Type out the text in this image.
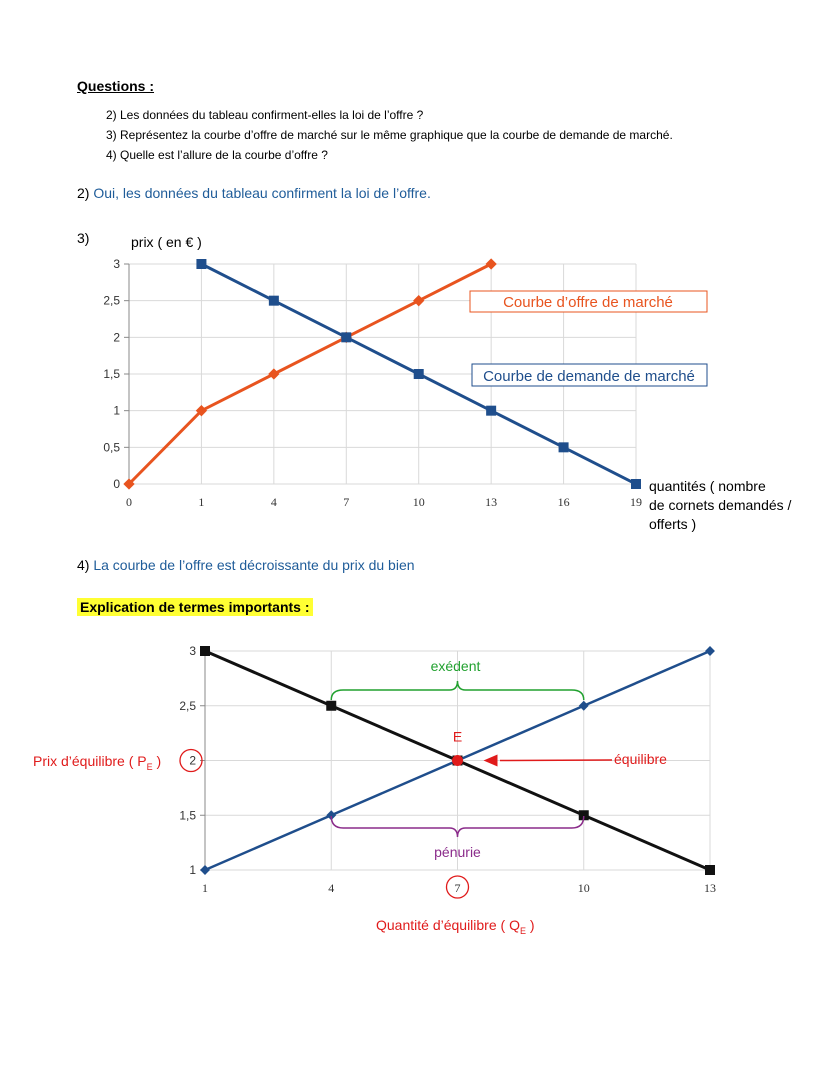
Questions :
2) Les données du tableau confirment-elles la loi de l’offre ?
3) Représentez la courbe d’offre de marché sur le même graphique que la courbe de demande de marché.
4) Quelle est l’allure de la courbe d’offre ?
2) Oui, les données du tableau confirment la loi de l’offre.
3)
4) La courbe de l’offre est décroissante du prix du bien
Explication de termes importants :
0
0,5
1
1,5
2
2,5
3
0	1	4	7	10	13	16	19
prix ( en € )
quantités ( nombre
de cornets demandés /
offerts )
Courbe d’offre de marché
Courbe de demande de marché
1
1,5
2
2,5
3
1	4	7	10	13
exédent
pénurie
E
équilibre
Prix d’équilibre ( $P_E$ )
Quantité d’équilibre ( $Q_E$ )
